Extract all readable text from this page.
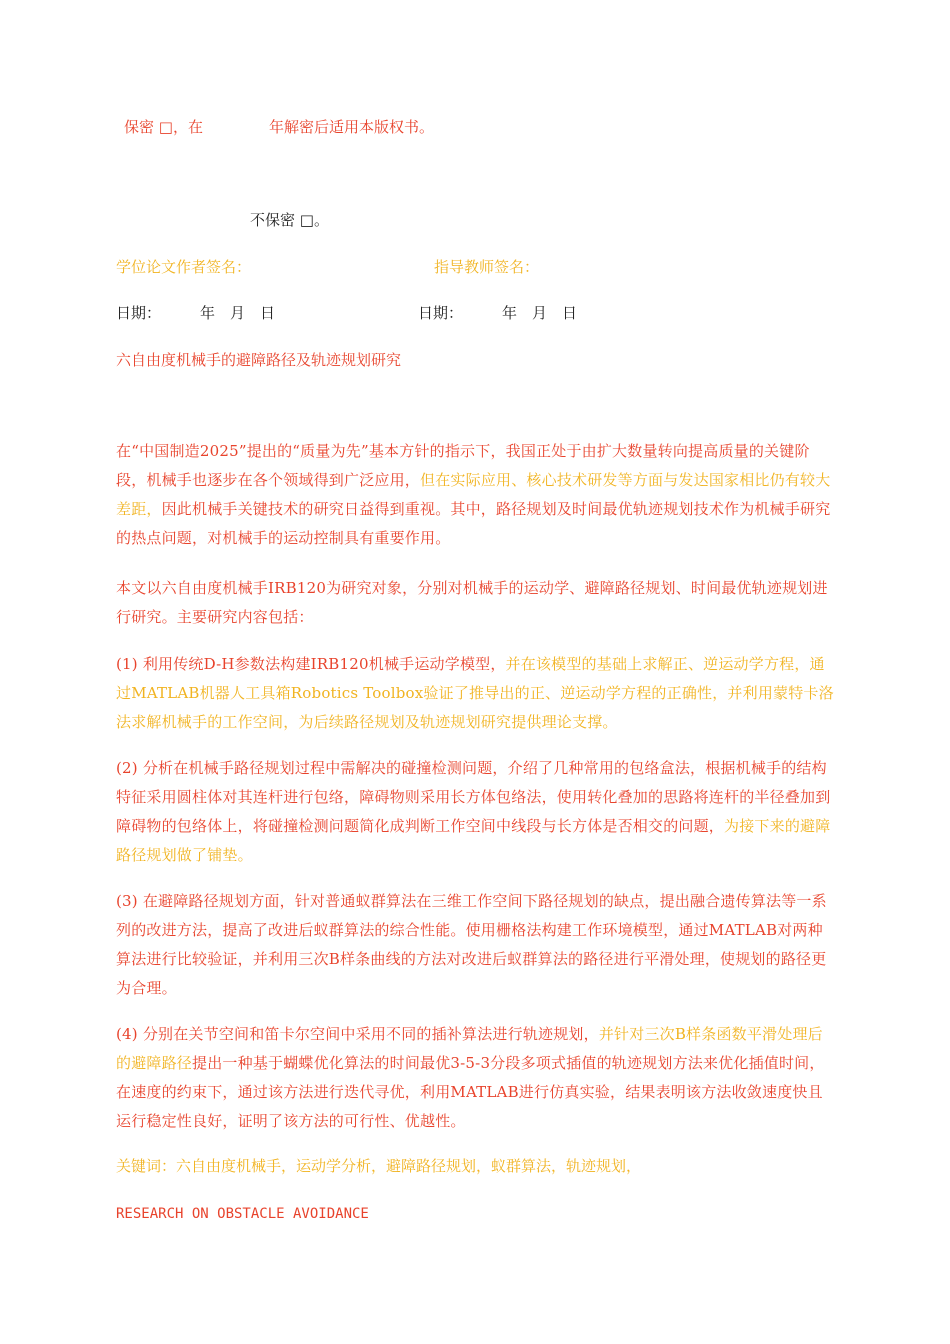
保密 □，在	年解密后适用本版权书。
不保密 □。
学位论文作者签名：	指导教师签名：
日期：	年　月　日	日期：	年　月　日
六自由度机械手的避障路径及轨迹规划研究
在“中国制造2025”提出的“质量为先”基本方针的指示下，我国正处于由扩大数量转向提高质量的关键阶段，机械手也逐步在各个领域得到广泛应用，但在实际应用、核心技术研发等方面与发达国家相比仍有较大差距，因此机械手关键技术的研究日益得到重视。其中，路径规划及时间最优轨迹规划技术作为机械手研究的热点问题，对机械手的运动控制具有重要作用。
本文以六自由度机械手IRB120为研究对象，分别对机械手的运动学、避障路径规划、时间最优轨迹规划进行研究。主要研究内容包括：
(1) 利用传统D-H参数法构建IRB120机械手运动学模型，并在该模型的基础上求解正、逆运动学方程，通过MATLAB机器人工具箱Robotics Toolbox验证了推导出的正、逆运动学方程的正确性，并利用蒙特卡洛法求解机械手的工作空间，为后续路径规划及轨迹规划研究提供理论支撑。
(2) 分析在机械手路径规划过程中需解决的碰撞检测问题，介绍了几种常用的包络盒法，根据机械手的结构特征采用圆柱体对其连杆进行包络，障碍物则采用长方体包络法，使用转化叠加的思路将连杆的半径叠加到障碍物的包络体上，将碰撞检测问题简化成判断工作空间中线段与长方体是否相交的问题，为接下来的避障路径规划做了铺垫。
(3) 在避障路径规划方面，针对普通蚁群算法在三维工作空间下路径规划的缺点，提出融合遗传算法等一系列的改进方法，提高了改进后蚁群算法的综合性能。使用栅格法构建工作环境模型，通过MATLAB对两种算法进行比较验证，并利用三次B样条曲线的方法对改进后蚁群算法的路径进行平滑处理，使规划的路径更为合理。
(4) 分别在关节空间和笛卡尔空间中采用不同的插补算法进行轨迹规划，并针对三次B样条函数平滑处理后的避障路径提出一种基于蝴蝶优化算法的时间最优3-5-3分段多项式插值的轨迹规划方法来优化插值时间，在速度的约束下，通过该方法进行迭代寻优，利用MATLAB进行仿真实验，结果表明该方法收敛速度快且运行稳定性良好，证明了该方法的可行性、优越性。
关键词：六自由度机械手，运动学分析，避障路径规划，蚁群算法，轨迹规划，
RESEARCH ON OBSTACLE AVOIDANCE
